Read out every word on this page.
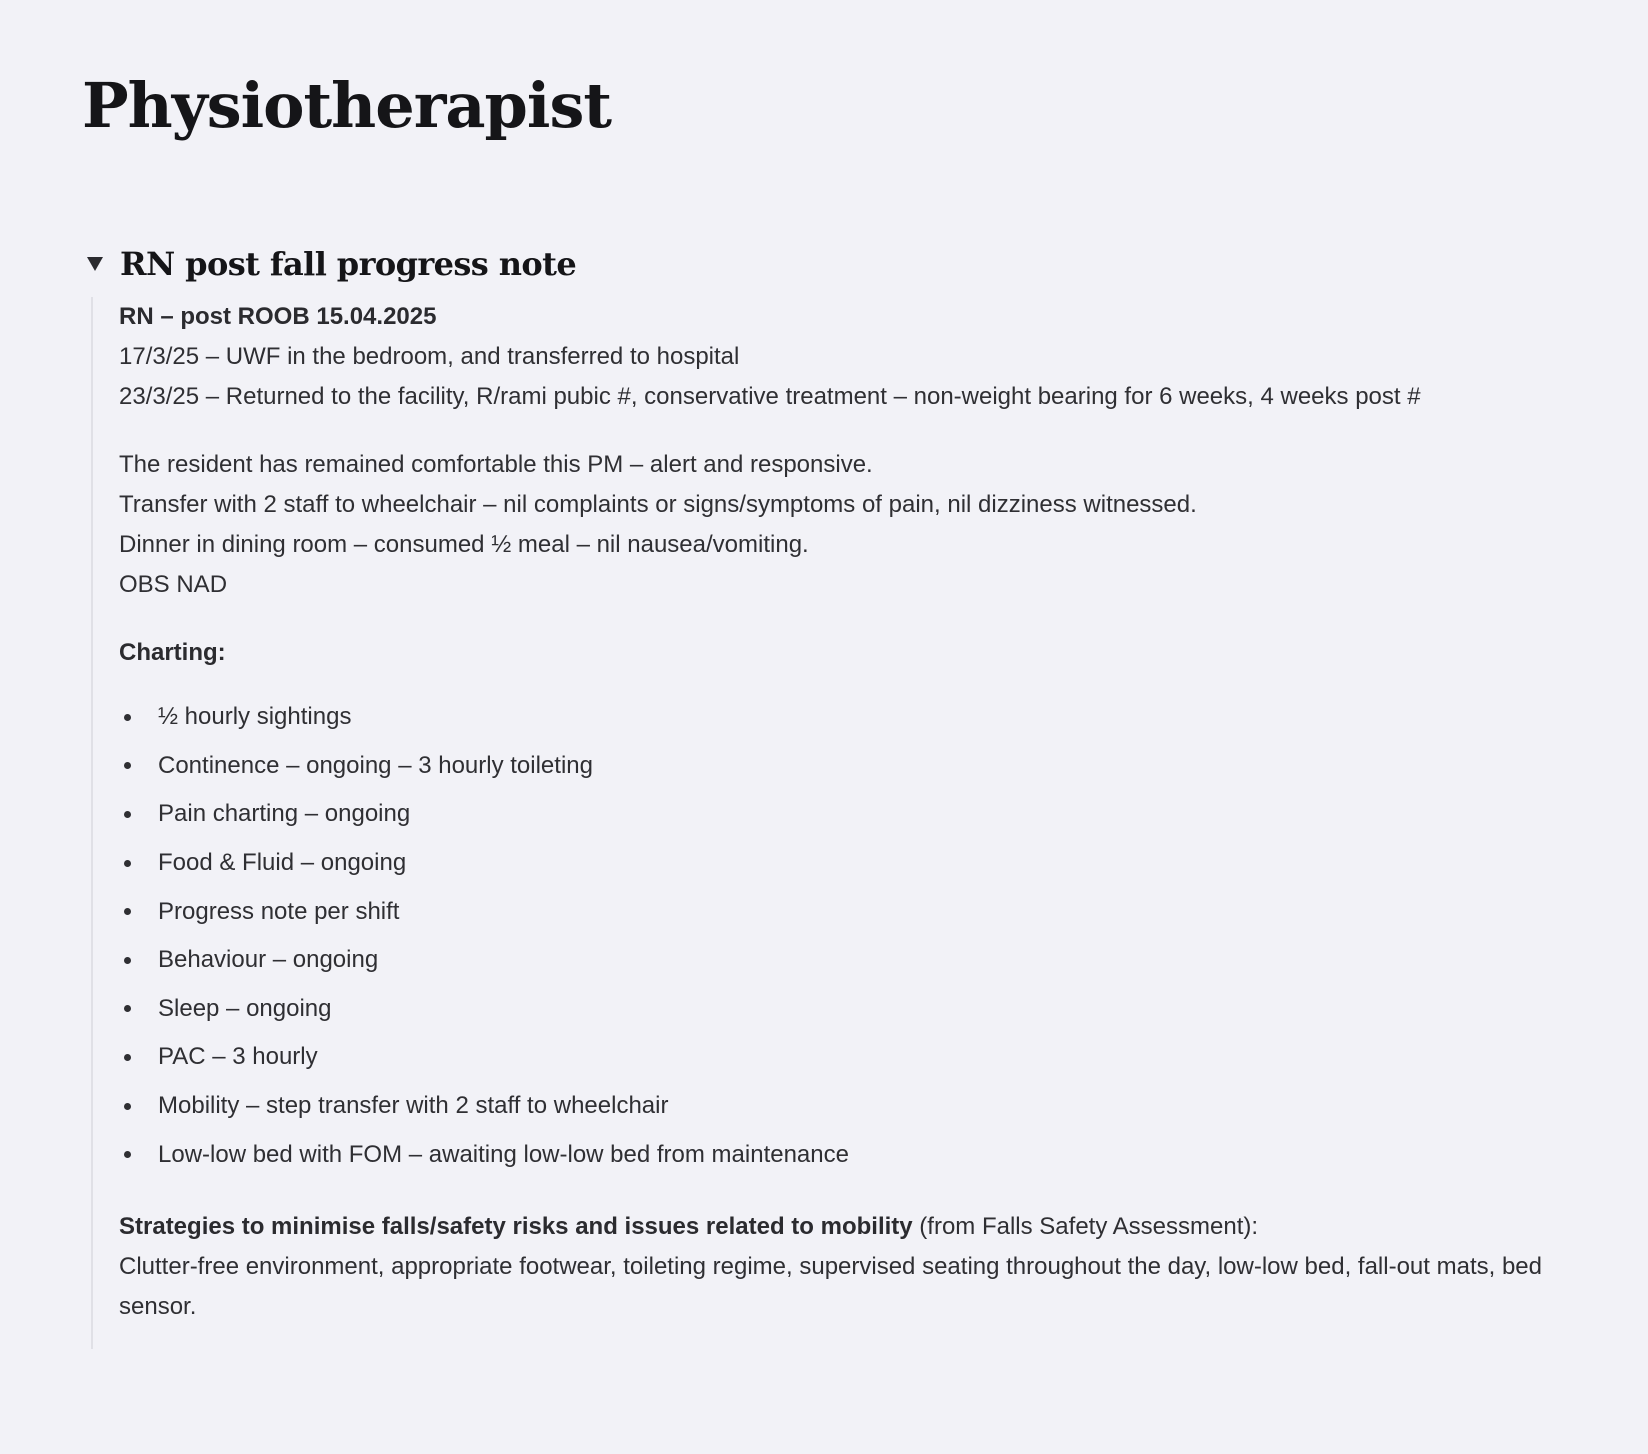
Physiotherapist
RN post fall progress note

RN – post ROOB 15.04.2025

17/3/25 – UWF in the bedroom, and transferred to hospital

23/3/25 – Returned to the facility, R/rami pubic #, conservative treatment – non-weight bearing for 6 weeks, 4 weeks post #

The resident has remained comfortable this PM – alert and responsive.

Transfer with 2 staff to wheelchair – nil complaints or signs/symptoms of pain, nil dizziness witnessed.

Dinner in dining room – consumed ½ meal – nil nausea/vomiting.

OBS NAD

Charting:

½ hourly sightings
Continence – ongoing – 3 hourly toileting
Pain charting – ongoing
Food & Fluid – ongoing
Progress note per shift
Behaviour – ongoing
Sleep – ongoing
PAC – 3 hourly
Mobility – step transfer with 2 staff to wheelchair
Low-low bed with FOM – awaiting low-low bed from maintenance

Strategies to minimise falls/safety risks and issues related to mobility (from Falls Safety Assessment):

Clutter-free environment, appropriate footwear, toileting regime, supervised seating throughout the day, low-low bed, fall-out mats, bed sensor.
